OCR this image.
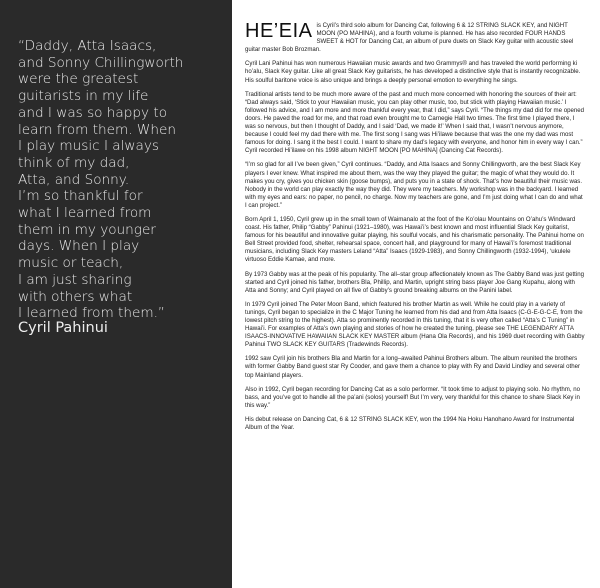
“Daddy, Atta Isaacs,
and Sonny Chillingworth
were the greatest
guitarists in my life
and I was so happy to
learn from them. When
I play music I always
think of my dad,
Atta, and Sonny.
I’m so thankful for
what I learned from
them in my younger
days. When I play
music or teach,
I am just sharing
with others what
I learned from them.”

Cyril Pahinui

HE’EIA is Cyril’s third solo album for Dancing Cat, following 6 & 12 STRING SLACK KEY, and NIGHT MOON (PO MAHINA), and a fourth volume is planned. He has also recorded FOUR HANDS SWEET & HOT for Dancing Cat, an album of pure duets on Slack Key guitar with acoustic steel guitar master Bob Brozman.

Cyril Lani Pahinui has won numerous Hawaiian music awards and two Grammys® and has traveled the world performing ki ho’alu, Slack Key guitar. Like all great Slack Key guitarists, he has developed a distinctive style that is instantly recognizable. His soulful baritone voice is also unique and brings a deeply personal emotion to everything he sings.

Traditional artists tend to be much more aware of the past and much more concerned with honoring the sources of their art: “Dad always said, ‘Stick to your Hawaiian music, you can play other music, too, but stick with playing Hawaiian music.’ I followed his advice, and I am more and more thankful every year, that I did,” says Cyril. “The things my dad did for me opened doors. He paved the road for me, and that road even brought me to Carnegie Hall two times. The first time I played there, I was so nervous, but then I thought of Daddy, and I said ‘Dad, we made it!’ When I said that, I wasn’t nervous anymore, because I could feel my dad there with me. The first song I sang was Hi’ilawe because that was the one my dad was most famous for doing. I sang it the best I could. I want to share my dad’s legacy with everyone, and honor him in every way I can.” Cyril recorded Hi’ilawe on his 1998 album NIGHT MOON [PO MAHINA] (Dancing Cat Records).

“I’m so glad for all I’ve been given,” Cyril continues. “Daddy, and Atta Isaacs and Sonny Chillingworth, are the best Slack Key players I ever knew. What inspired me about them, was the way they played the guitar; the magic of what they would do. It makes you cry, gives you chicken skin (goose bumps), and puts you in a state of shock. That’s how beautiful their music was. Nobody in the world can play exactly the way they did. They were my teachers. My workshop was in the backyard. I learned with my eyes and ears: no paper, no pencil, no charge. Now my teachers are gone, and I’m just doing what I can do and what I can project.”

Born April 1, 1950, Cyril grew up in the small town of Waimanalo at the foot of the Ko’olau Mountains on O’ahu’s Windward coast. His father, Philip “Gabby” Pahinui (1921–1980), was Hawai’i’s best known and most influential Slack Key guitarist, famous for his beautiful and innovative guitar playing, his soulful vocals, and his charismatic personality. The Pahinui home on Bell Street provided food, shelter, rehearsal space, concert hall, and playground for many of Hawai’i’s foremost traditional musicians, including Slack Key masters Leland “Atta” Isaacs (1929-1983), and Sonny Chillingworth (1932-1994), ‘ukulele virtuoso Eddie Kamae, and more.

By 1973 Gabby was at the peak of his popularity. The all–star group affectionately known as The Gabby Band was just getting started and Cyril joined his father, brothers Bla, Phillip, and Martin, upright string bass player Joe Gang Kupahu, along with Atta and Sonny; and Cyril played on all five of Gabby’s ground breaking albums on the Panini label.

In 1979 Cyril joined The Peter Moon Band, which featured his brother Martin as well. While he could play in a variety of tunings, Cyril began to specialize in the C Major Tuning he learned from his dad and from Atta Isaacs (C-G-E-G-C-E, from the lowest pitch string to the highest). Atta so prominently recorded in this tuning, that it is very often called “Atta’s C Tuning” in Hawai’i. For examples of Atta’s own playing and stories of how he created the tuning, please see THE LEGENDARY ATTA ISAACS-INNOVATIVE HAWAIIAN SLACK KEY MASTER album (Hana Ola Records), and his 1969 duet recording with Gabby Pahinui TWO SLACK KEY GUITARS (Tradewinds Records).

1992 saw Cyril join his brothers Bla and Martin for a long–awaited Pahinui Brothers album. The album reunited the brothers with former Gabby Band guest star Ry Cooder, and gave them a chance to play with Ry and David Lindley and several other top Mainland players.

Also in 1992, Cyril began recording for Dancing Cat as a solo performer. “It took time to adjust to playing solo. No rhythm, no bass, and you’ve got to handle all the pa’ani (solos) yourself! But I’m very, very thankful for this chance to share Slack Key in this way.”

His debut release on Dancing Cat, 6 & 12 STRING SLACK KEY, won the 1994 Na Hoku Hanohano Award for Instrumental Album of the Year.
